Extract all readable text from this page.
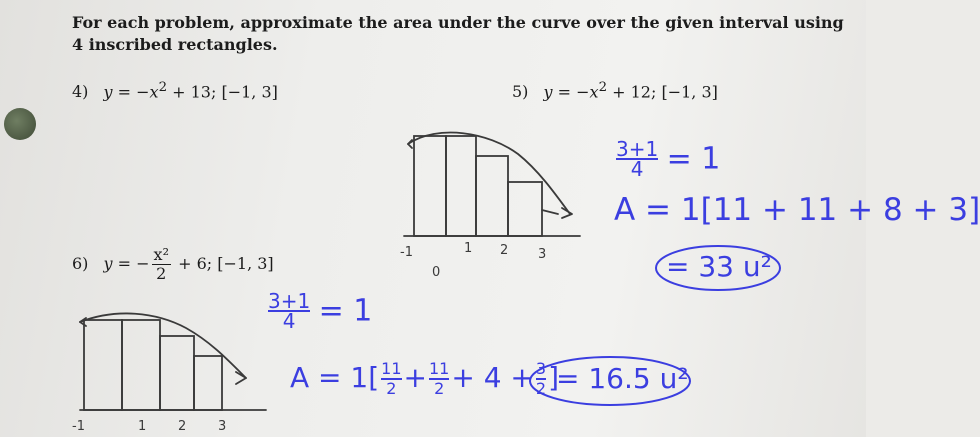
For each problem, approximate the area under the curve over the given interval using 4 inscribed rectangles.
4) $y = -x^2 + 13$; [−1, 3]	5) $y = -x^2 + 12$; [−1, 3]
6) y = − $\frac{\text{x²}}{2} + 6$; [−1, 3]
-1	1 2 3
0
-1	1 2 3
$\frac{3+1}{4} = 1$
A = 1[11 + 11 + 8 + 3]
= 33 u²
$\frac{3+1}{4} = 1$
$A = 1[ \frac{11}{2} + \frac{11}{2} + 4 + \frac{3}{2}$ ]
= 16.5 u²
